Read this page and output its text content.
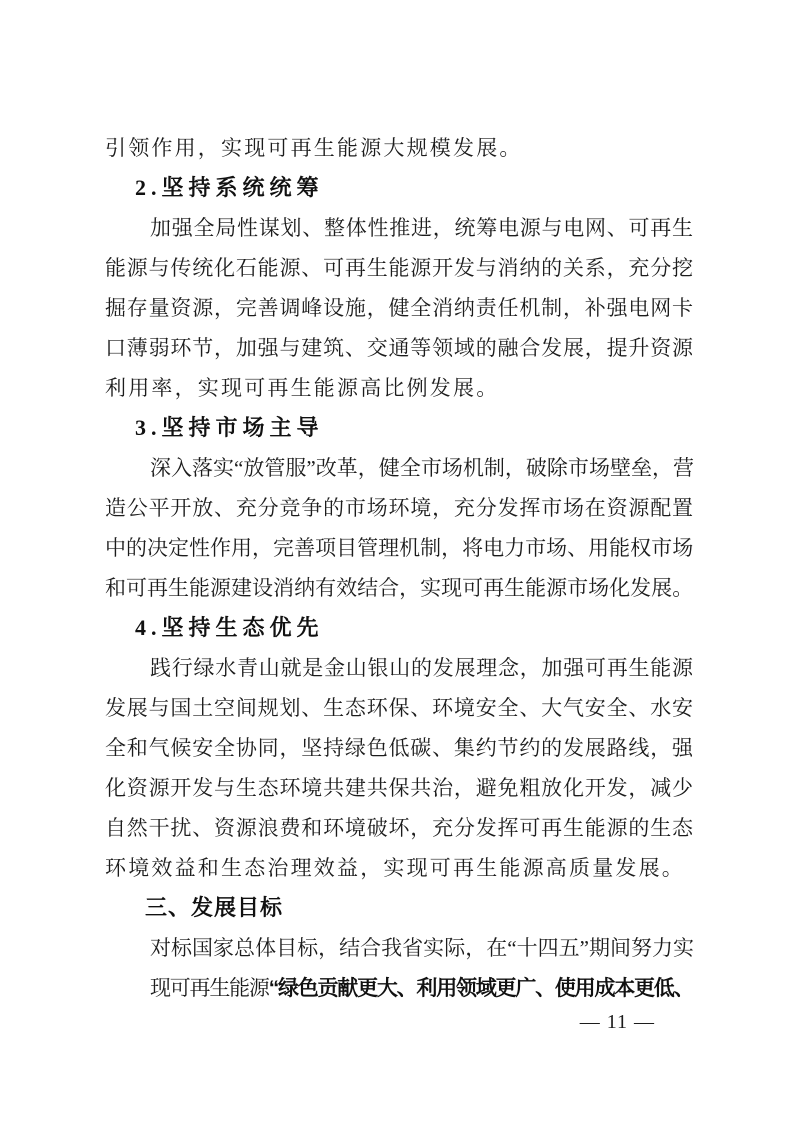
引领作用，实现可再生能源大规模发展。
2.坚持系统统筹
加强全局性谋划、整体性推进，统筹电源与电网、可再生
能源与传统化石能源、可再生能源开发与消纳的关系，充分挖
掘存量资源，完善调峰设施，健全消纳责任机制，补强电网卡
口薄弱环节，加强与建筑、交通等领域的融合发展，提升资源
利用率，实现可再生能源高比例发展。
3.坚持市场主导
深入落实“放管服”改革，健全市场机制，破除市场壁垒，营
造公平开放、充分竞争的市场环境，充分发挥市场在资源配置
中的决定性作用，完善项目管理机制，将电力市场、用能权市场
和可再生能源建设消纳有效结合，实现可再生能源市场化发展。
4.坚持生态优先
践行绿水青山就是金山银山的发展理念，加强可再生能源
发展与国土空间规划、生态环保、环境安全、大气安全、水安
全和气候安全协同，坚持绿色低碳、集约节约的发展路线，强
化资源开发与生态环境共建共保共治，避免粗放化开发，减少
自然干扰、资源浪费和环境破坏，充分发挥可再生能源的生态
环境效益和生态治理效益，实现可再生能源高质量发展。
三、发展目标
对标国家总体目标，结合我省实际，在“十四五”期间努力实
现可再生能源“绿色贡献更大、利用领域更广、使用成本更低、
— 11 —
